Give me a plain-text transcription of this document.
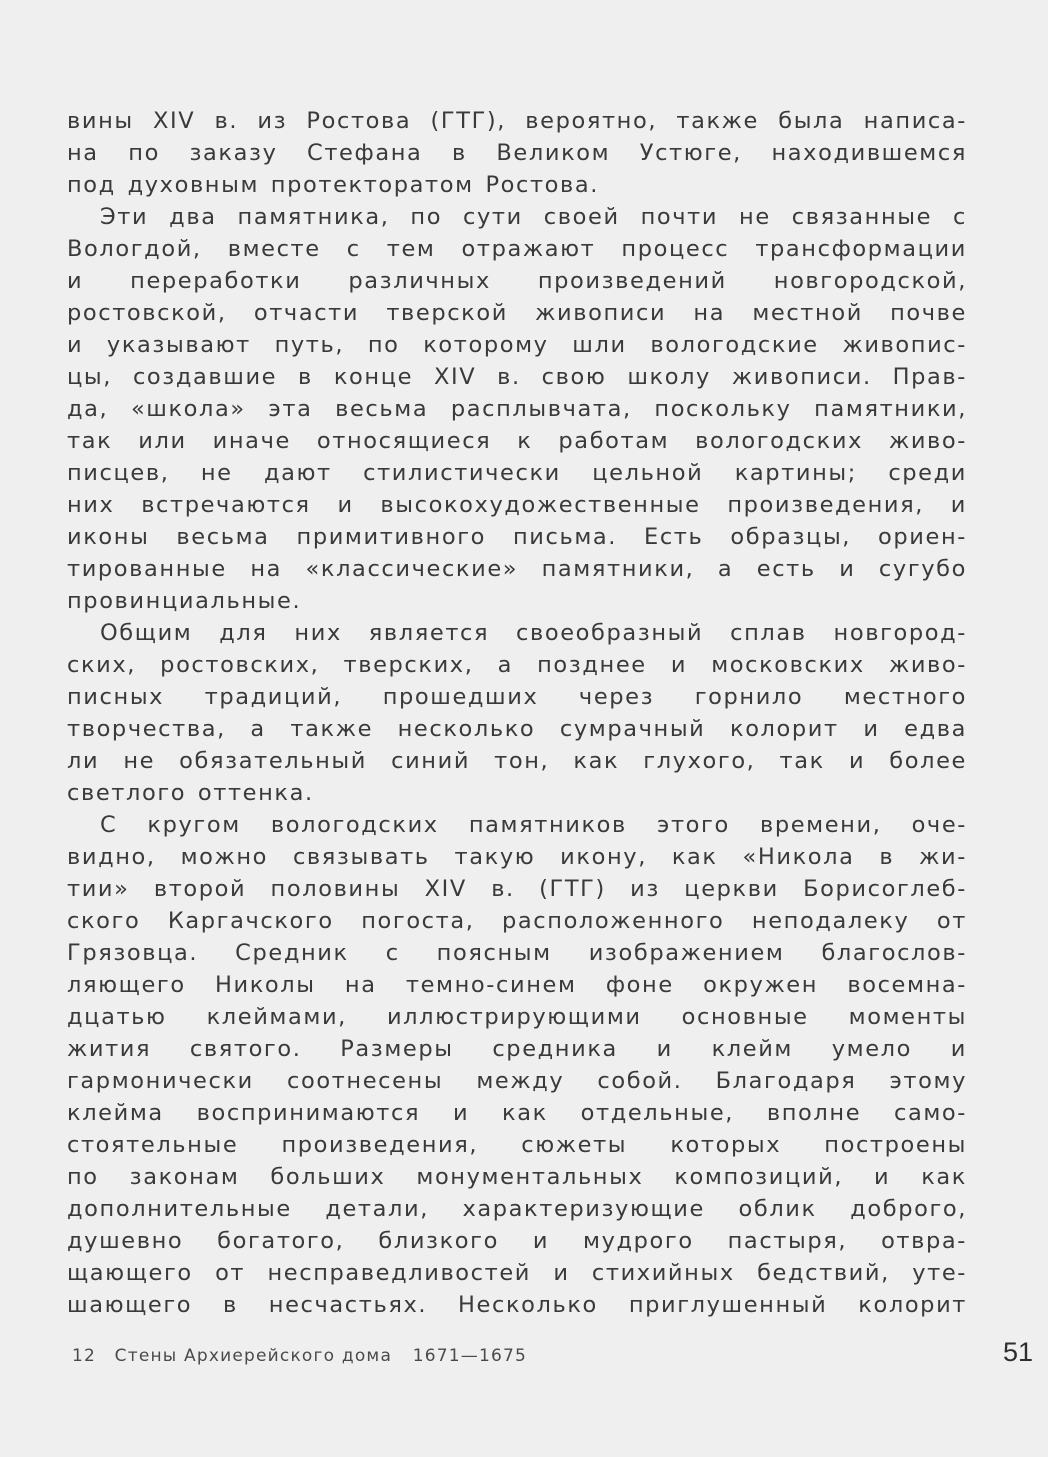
вины XIV в. из Ростова (ГТГ), вероятно, также была написа-
на по заказу Стефана в Великом Устюге, находившемся
под духовным протекторатом Ростова.
Эти два памятника, по сути своей почти не связанные с
Вологдой, вместе с тем отражают процесс трансформации
и переработки различных произведений новгородской,
ростовской, отчасти тверской живописи на местной почве
и указывают путь, по которому шли вологодские живопис-
цы, создавшие в конце XIV в. свою школу живописи. Прав-
да, «школа» эта весьма расплывчата, поскольку памятники,
так или иначе относящиеся к работам вологодских живо-
писцев, не дают стилистически цельной картины; среди
них встречаются и высокохудожественные произведения, и
иконы весьма примитивного письма. Есть образцы, ориен-
тированные на «классические» памятники, а есть и сугубо
провинциальные.
Общим для них является своеобразный сплав новгород-
ских, ростовских, тверских, а позднее и московских живо-
писных традиций, прошедших через горнило местного
творчества, а также несколько сумрачный колорит и едва
ли не обязательный синий тон, как глухого, так и более
светлого оттенка.
С кругом вологодских памятников этого времени, оче-
видно, можно связывать такую икону, как «Никола в жи-
тии» второй половины XIV в. (ГТГ) из церкви Борисоглеб-
ского Каргачского погоста, расположенного неподалеку от
Грязовца. Средник с поясным изображением благослов-
ляющего Николы на темно-синем фоне окружен восемна-
дцатью клеймами, иллюстрирующими основные моменты
жития святого. Размеры средника и клейм умело и
гармонически соотнесены между собой. Благодаря этому
клейма воспринимаются и как отдельные, вполне само-
стоятельные произведения, сюжеты которых построены
по законам больших монументальных композиций, и как
дополнительные детали, характеризующие облик доброго,
душевно богатого, близкого и мудрого пастыря, отвра-
щающего от несправедливостей и стихийных бедствий, уте-
шающего в несчастьях. Несколько приглушенный колорит
12 Стены Архиерейского дома 1671—1675	51
